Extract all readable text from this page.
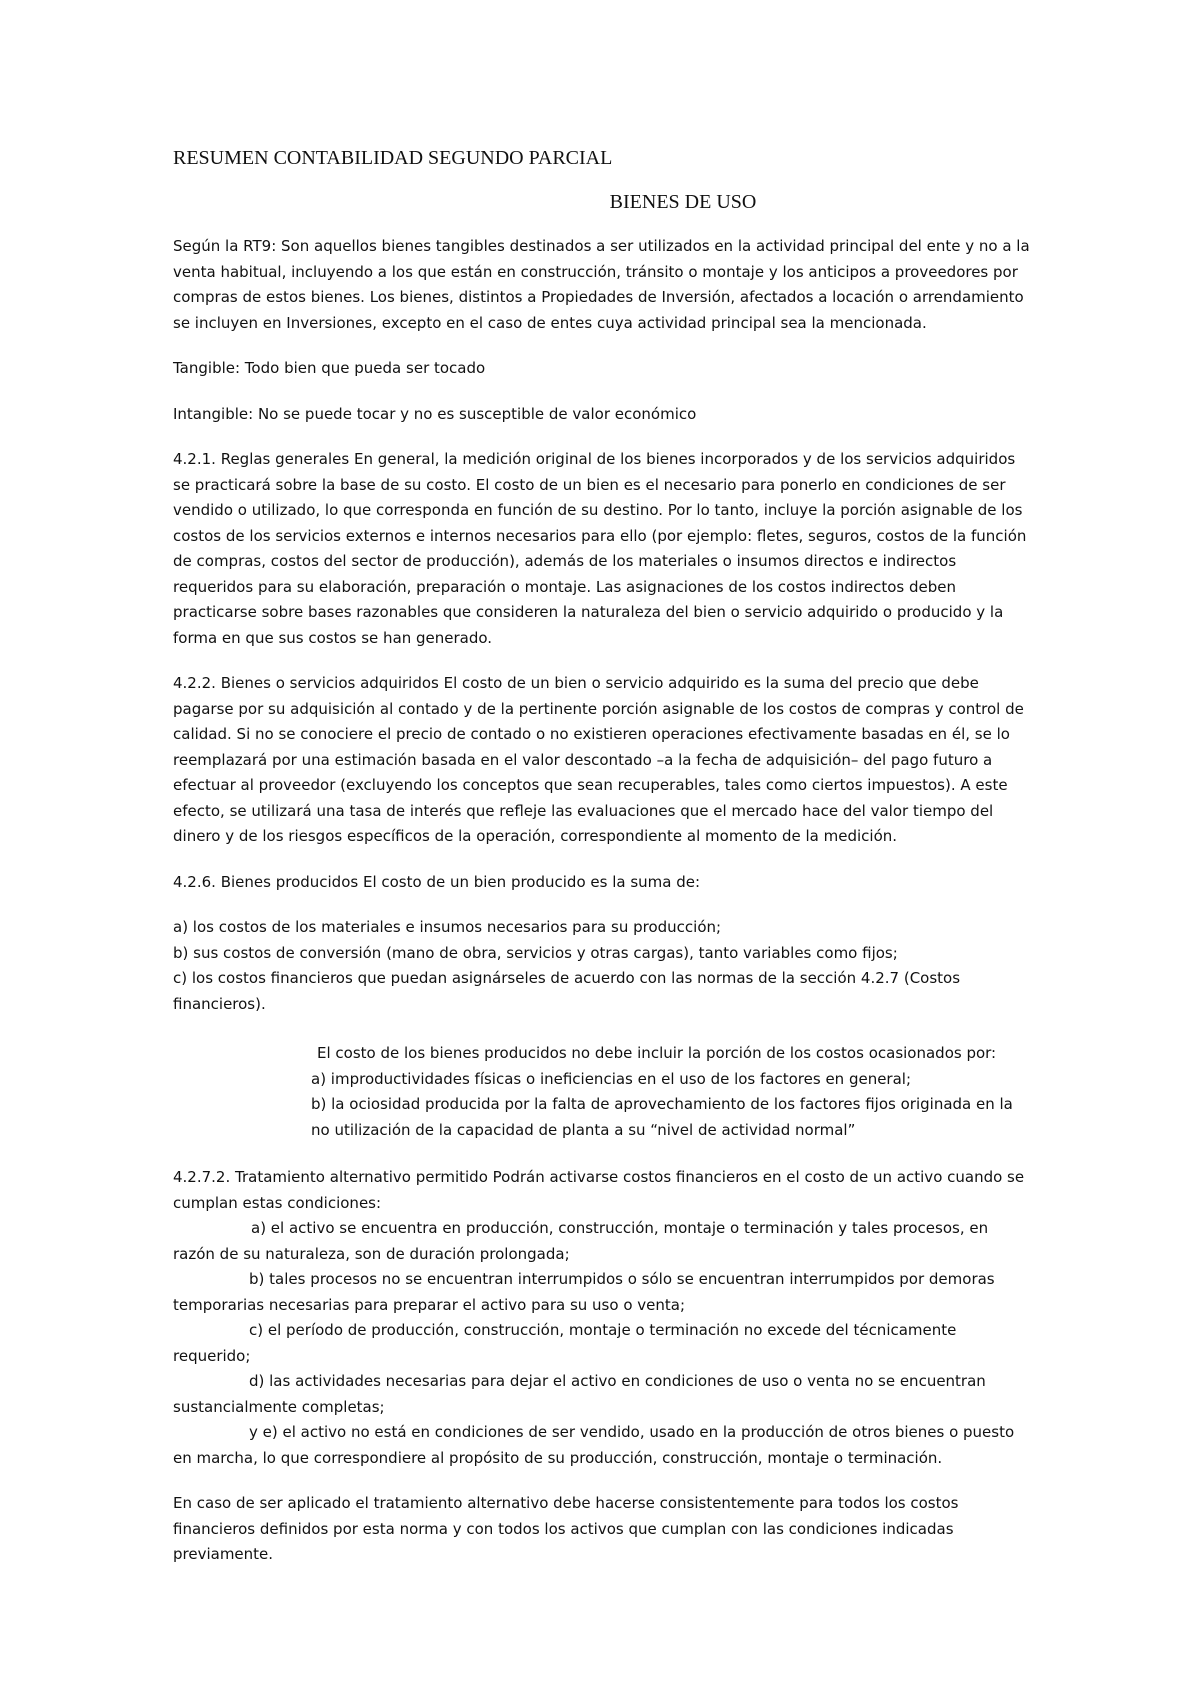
RESUMEN CONTABILIDAD SEGUNDO PARCIAL
BIENES DE USO
Según la RT9: Son aquellos bienes tangibles destinados a ser utilizados en la actividad principal del ente y no a la venta habitual, incluyendo a los que están en construcción, tránsito o montaje y los anticipos a proveedores por compras de estos bienes. Los bienes, distintos a Propiedades de Inversión, afectados a locación o arrendamiento se incluyen en Inversiones, excepto en el caso de entes cuya actividad principal sea la mencionada.
Tangible: Todo bien que pueda ser tocado
Intangible: No se puede tocar y no es susceptible de valor económico
4.2.1. Reglas generales En general, la medición original de los bienes incorporados y de los servicios adquiridos se practicará sobre la base de su costo. El costo de un bien es el necesario para ponerlo en condiciones de ser vendido o utilizado, lo que corresponda en función de su destino. Por lo tanto, incluye la porción asignable de los costos de los servicios externos e internos necesarios para ello (por ejemplo: fletes, seguros, costos de la función de compras, costos del sector de producción), además de los materiales o insumos directos e indirectos requeridos para su elaboración, preparación o montaje. Las asignaciones de los costos indirectos deben practicarse sobre bases razonables que consideren la naturaleza del bien o servicio adquirido o producido y la forma en que sus costos se han generado.
4.2.2. Bienes o servicios adquiridos El costo de un bien o servicio adquirido es la suma del precio que debe pagarse por su adquisición al contado y de la pertinente porción asignable de los costos de compras y control de calidad. Si no se conociere el precio de contado o no existieren operaciones efectivamente basadas en él, se lo reemplazará por una estimación basada en el valor descontado –a la fecha de adquisición– del pago futuro a efectuar al proveedor (excluyendo los conceptos que sean recuperables, tales como ciertos impuestos). A este efecto, se utilizará una tasa de interés que refleje las evaluaciones que el mercado hace del valor tiempo del dinero y de los riesgos específicos de la operación, correspondiente al momento de la medición.
4.2.6. Bienes producidos El costo de un bien producido es la suma de:
a) los costos de los materiales e insumos necesarios para su producción;
b) sus costos de conversión (mano de obra, servicios y otras cargas), tanto variables como fijos;
c) los costos financieros que puedan asignárseles de acuerdo con las normas de la sección 4.2.7 (Costos financieros).
El costo de los bienes producidos no debe incluir la porción de los costos ocasionados por:
a) improductividades físicas o ineficiencias en el uso de los factores en general;
b) la ociosidad producida por la falta de aprovechamiento de los factores fijos originada en la no utilización de la capacidad de planta a su “nivel de actividad normal”
4.2.7.2. Tratamiento alternativo permitido Podrán activarse costos financieros en el costo de un activo cuando se cumplan estas condiciones:
a) el activo se encuentra en producción, construcción, montaje o terminación y tales procesos, en razón de su naturaleza, son de duración prolongada;
b) tales procesos no se encuentran interrumpidos o sólo se encuentran interrumpidos por demoras temporarias necesarias para preparar el activo para su uso o venta;
c) el período de producción, construcción, montaje o terminación no excede del técnicamente requerido;
d) las actividades necesarias para dejar el activo en condiciones de uso o venta no se encuentran sustancialmente completas;
y e) el activo no está en condiciones de ser vendido, usado en la producción de otros bienes o puesto en marcha, lo que correspondiere al propósito de su producción, construcción, montaje o terminación.
En caso de ser aplicado el tratamiento alternativo debe hacerse consistentemente para todos los costos financieros definidos por esta norma y con todos los activos que cumplan con las condiciones indicadas previamente.
